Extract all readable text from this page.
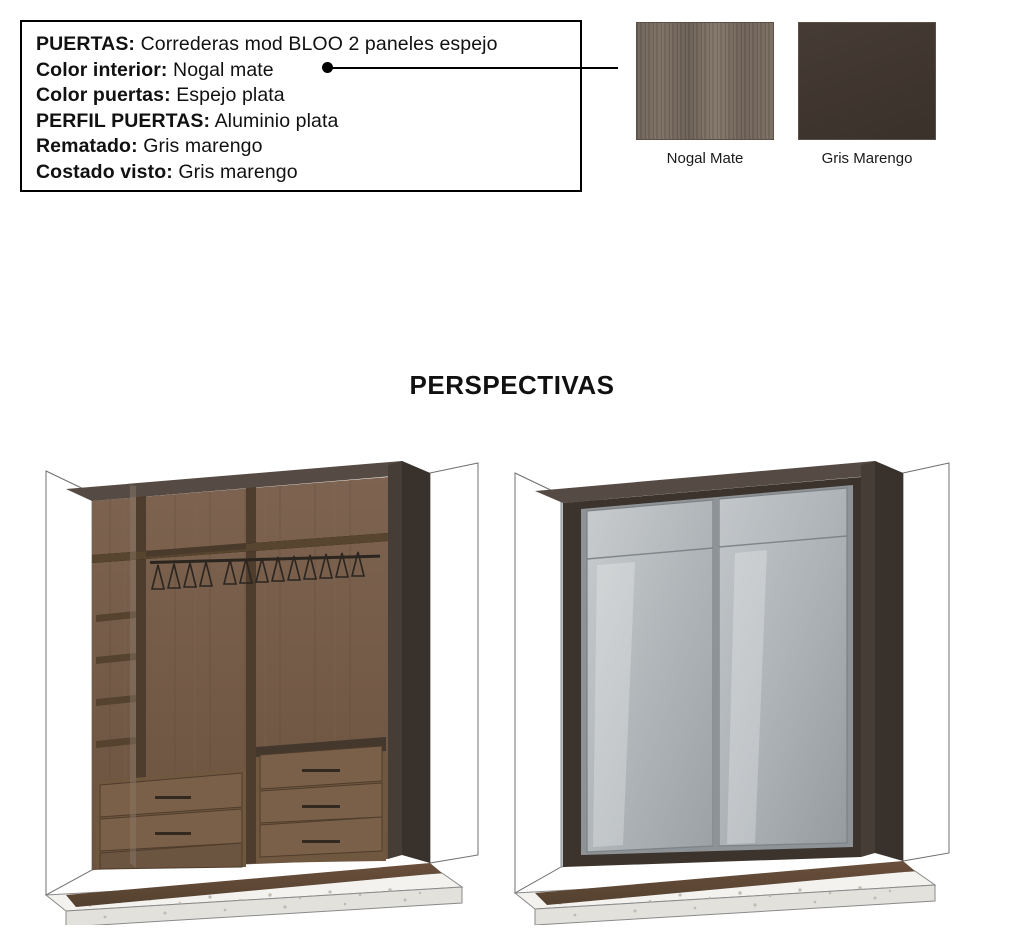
PUERTAS: Correderas mod BLOO 2 paneles espejo
Color interior: Nogal mate
Color puertas: Espejo plata
PERFIL PUERTAS: Aluminio plata
Rematado: Gris marengo
Costado visto: Gris marengo
Nogal Mate	Gris Marengo
PERSPECTIVAS
